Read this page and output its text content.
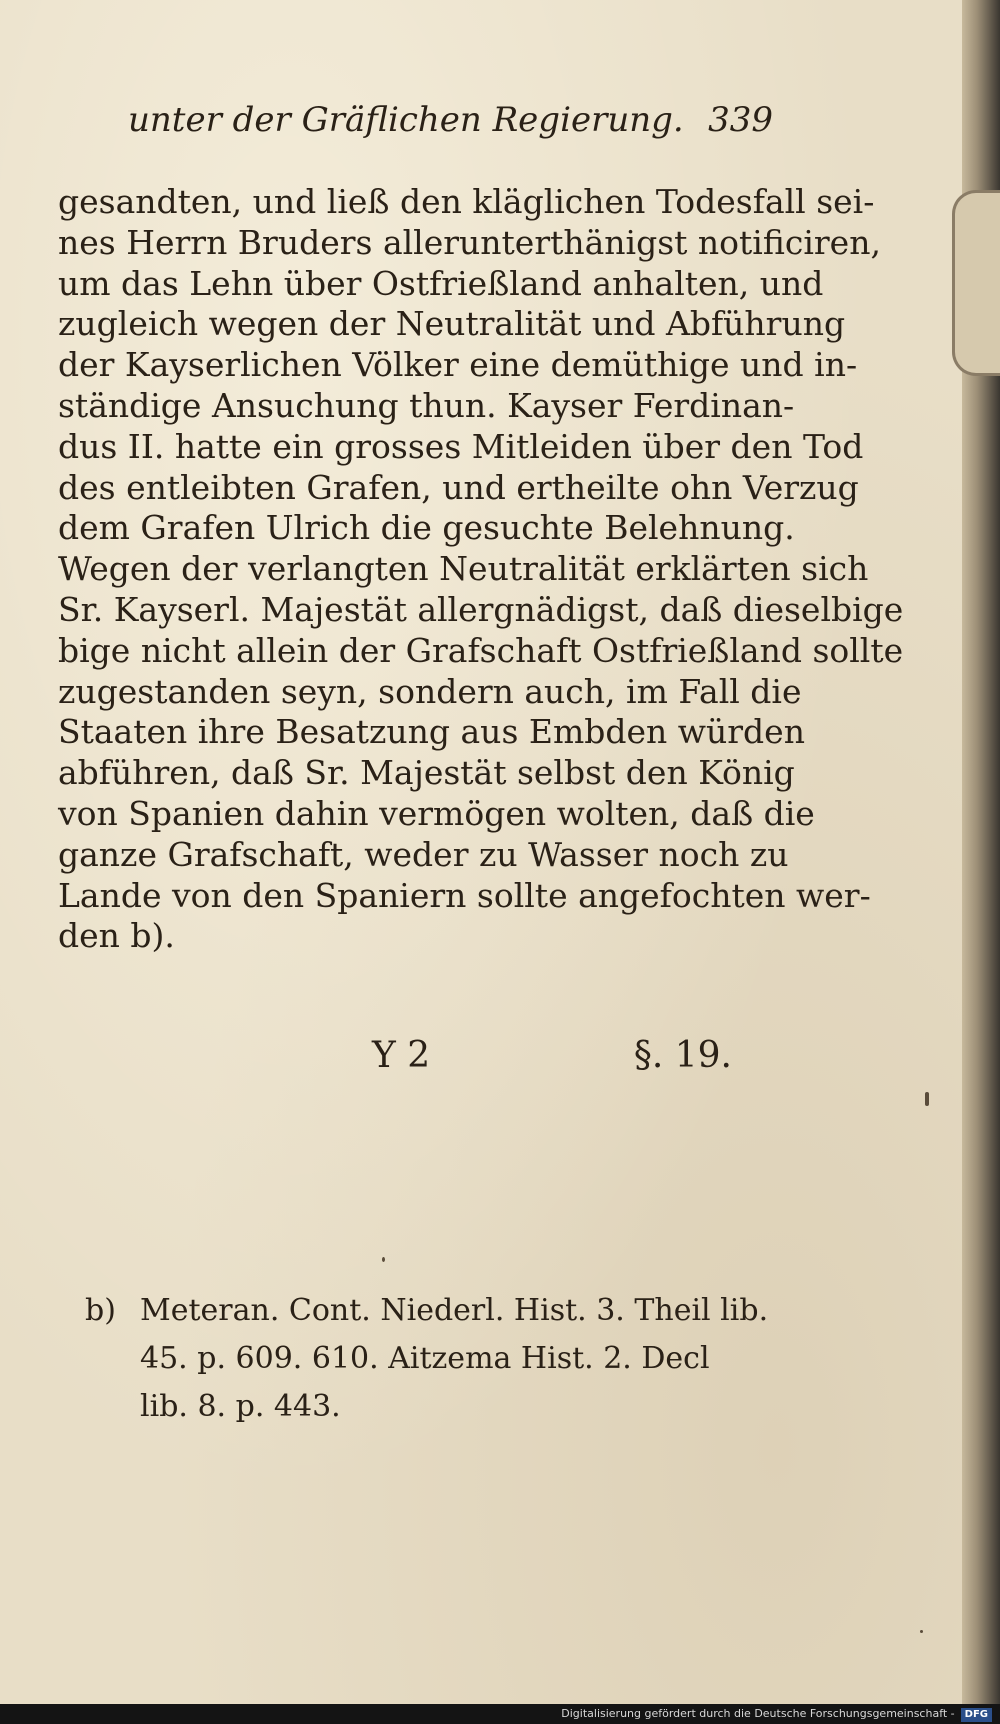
unter der Gräflichen Regierung. 339
gesandten, und ließ den kläglichen Todesfall sei-
nes Herrn Bruders allerunterthänigst notificiren,
um das Lehn über Ostfrießland anhalten, und
zugleich wegen der Neutralität und Abführung
der Kayserlichen Völker eine demüthige und in-
ständige Ansuchung thun. Kayser Ferdinan-
dus II. hatte ein grosses Mitleiden über den Tod
des entleibten Grafen, und ertheilte ohn Verzug
dem Grafen Ulrich die gesuchte Belehnung.
Wegen der verlangten Neutralität erklärten sich
Sr. Kayserl. Majestät allergnädigst, daß dieselbige
bige nicht allein der Grafschaft Ostfrießland sollte
zugestanden seyn, sondern auch, im Fall die
Staaten ihre Besatzung aus Embden würden
abführen, daß Sr. Majestät selbst den König
von Spanien dahin vermögen wolten, daß die
ganze Grafschaft, weder zu Wasser noch zu
Lande von den Spaniern sollte angefochten wer-
den b).
Y 2	§. 19.
b) Meteran. Cont. Niederl. Hist. 3. Theil lib.
45. p. 609. 610. Aitzema Hist. 2. Decl
lib. 8. p. 443.
Digitalisierung gefördert durch die Deutsche Forschungsgemeinschaft - DFG
